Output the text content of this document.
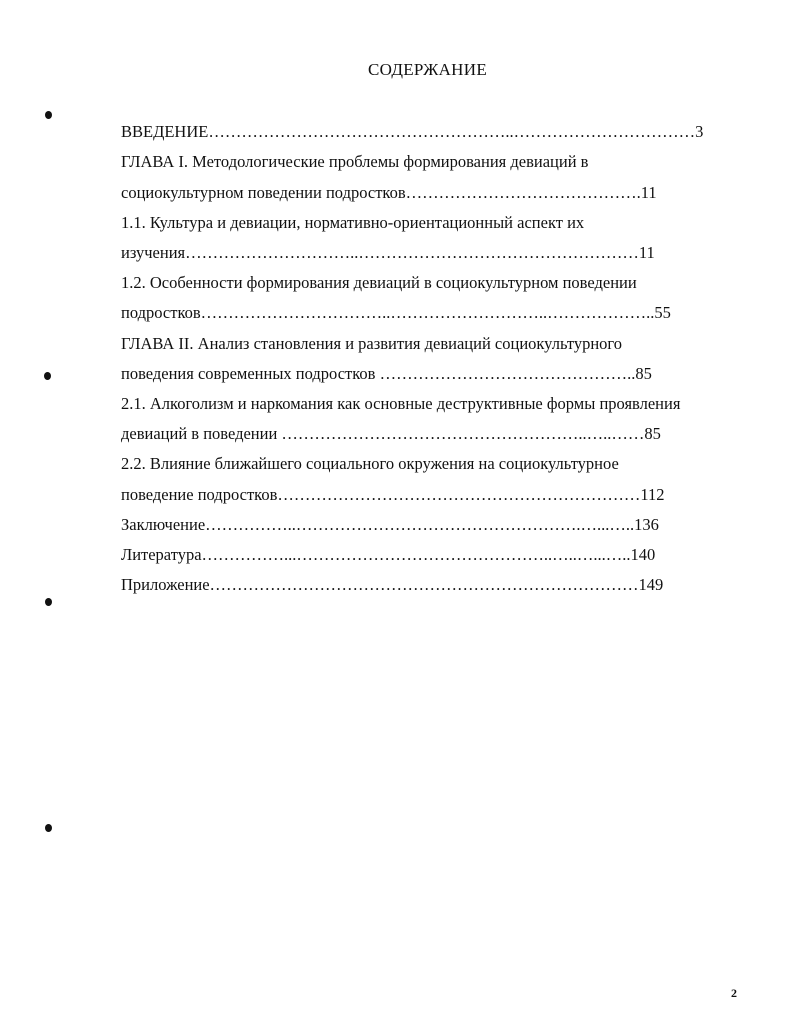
СОДЕРЖАНИЕ
ВВЕДЕНИЕ………………………………………………..……………………………3
ГЛАВА I. Методологические проблемы формирования девиаций в
социокультурном поведении подростков…………………………………….11
1.1. Культура и девиации, нормативно-ориентационный аспект их
изучения…………………………..……………………………………………11
1.2. Особенности формирования девиаций в социокультурном поведении
подростков……………………………..………………………..………………..55
ГЛАВА II. Анализ становления и развития девиаций социокультурного
поведения современных подростков ………………………………………..85
2.1. Алкоголизм и наркомания как основные деструктивные формы проявления
девиаций в поведении ………………………………………………..…..……85
2.2. Влияние ближайшего социального окружения на социокультурное
поведение подростков…………………………………………………………112
Заключение……………..…………………………………………….…...…..136
Литература……………...………………………………………..…..…...…..140
Приложение……………………………………………………………………149
2
